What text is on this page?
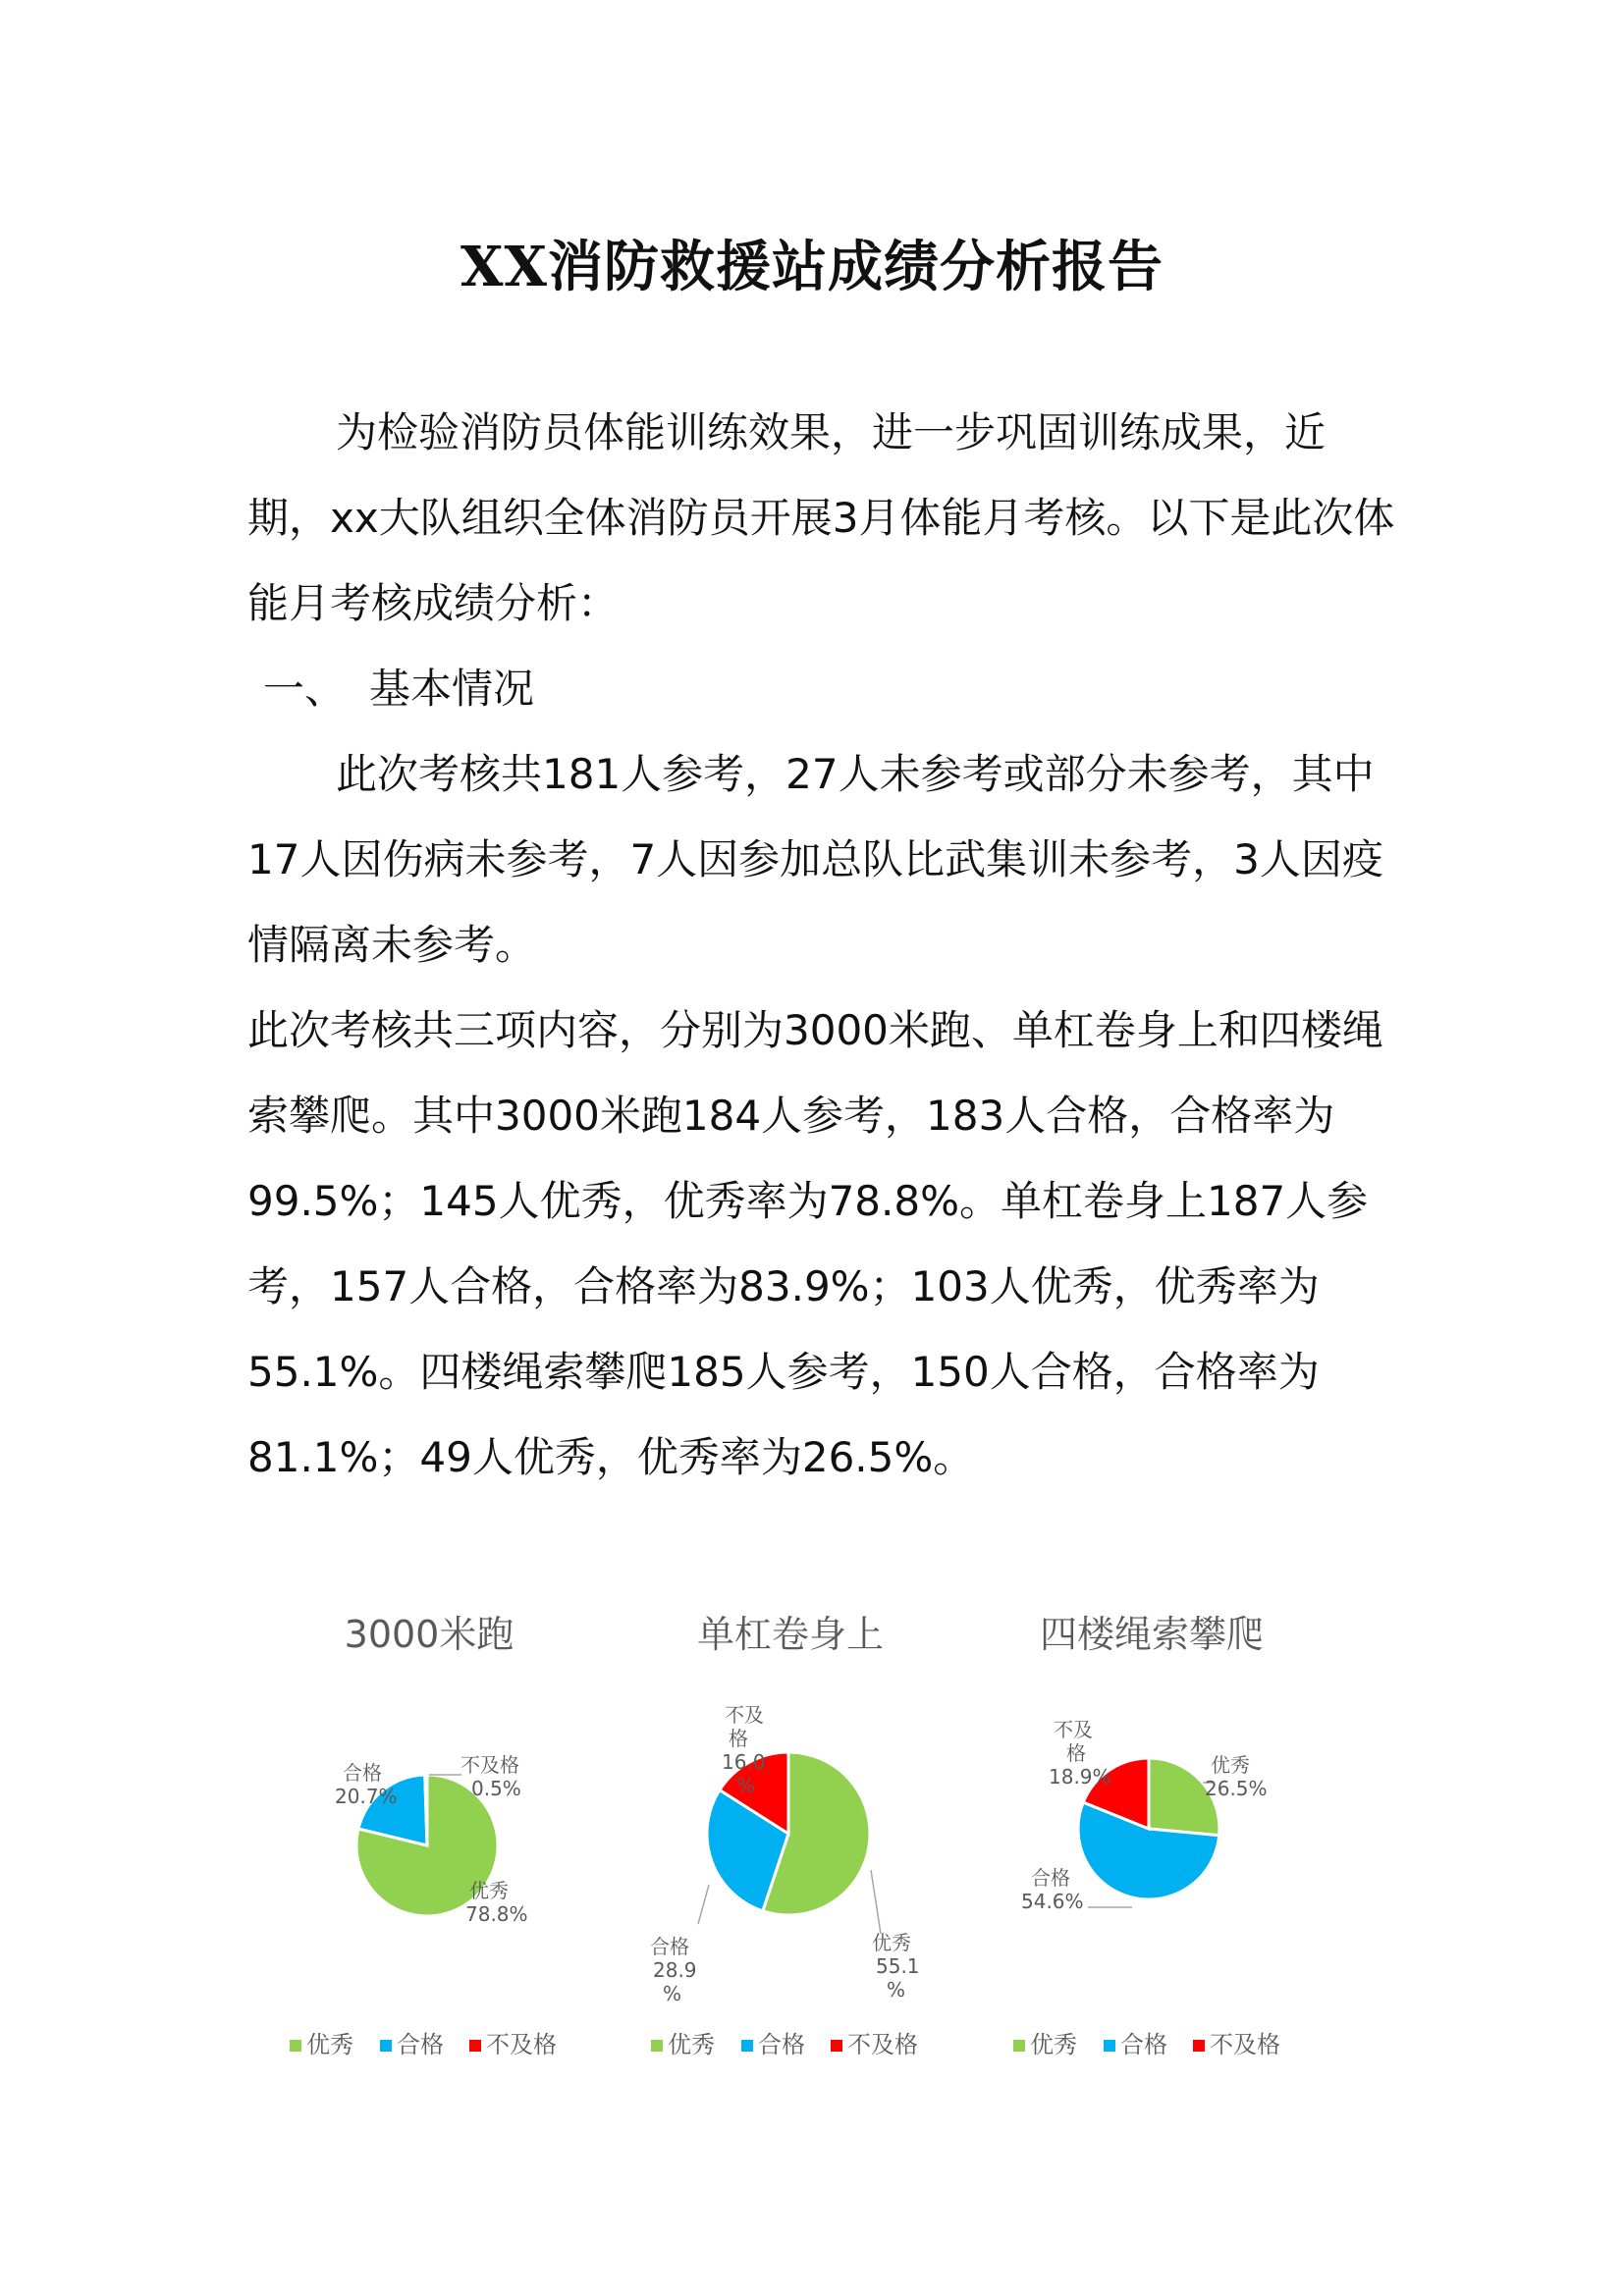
XX消防救援站成绩分析报告

为检验消防员体能训练效果，进一步巩固训练成果，近期，xx大队组织全体消防员开展3月体能月考核。以下是此次体能月考核成绩分析：

一、 基本情况

此次考核共181人参考，27人未参考或部分未参考，其中17人因伤病未参考，7人因参加总队比武集训未参考，3人因疫情隔离未参考。

此次考核共三项内容，分别为3000米跑、单杠卷身上和四楼绳索攀爬。其中3000米跑184人参考，183人合格，合格率为99.5%；145人优秀，优秀率为78.8%。单杠卷身上187人参考，157人合格，合格率为83.9%；103人优秀，优秀率为55.1%。四楼绳索攀爬185人参考，150人合格，合格率为81.1%；49人优秀，优秀率为26.5%。

3000米跑
不及格
0.5%
合格
20.7%
优秀
78.8%
优秀 合格 不及格
单杠卷身上
不及
格
16.0
%
合格
28.9
%
优秀
55.1
%
优秀 合格 不及格
四楼绳索攀爬
优秀
26.5%
不及
格
18.9%
合格
54.6%
优秀 合格 不及格
